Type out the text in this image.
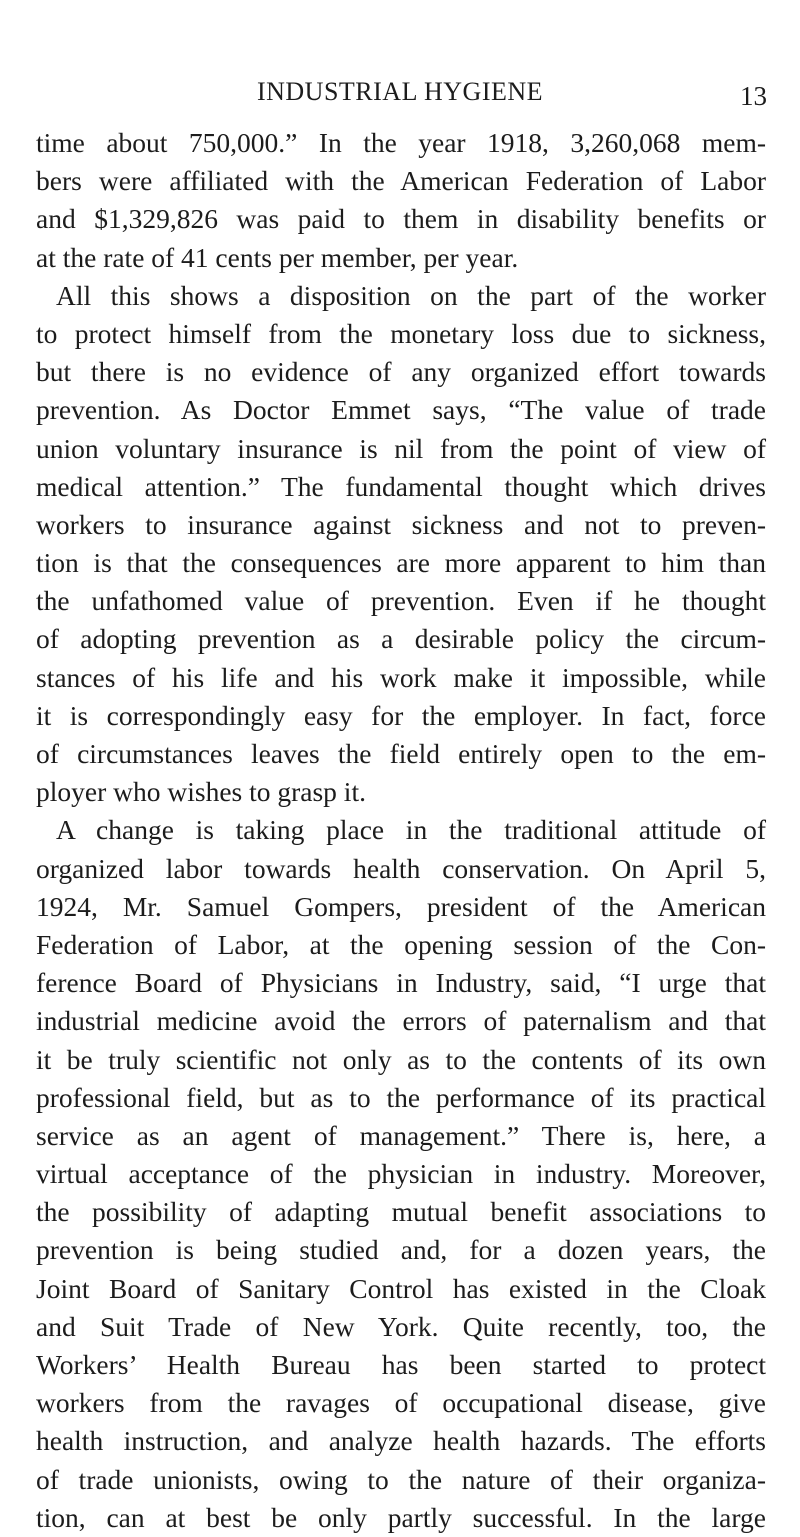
INDUSTRIAL HYGIENE	13
time about 750,000.” In the year 1918, 3,260,068 mem-
bers were affiliated with the American Federation of Labor
and $1,329,826 was paid to them in disability benefits or
at the rate of 41 cents per member, per year.
All this shows a disposition on the part of the worker
to protect himself from the monetary loss due to sickness,
but there is no evidence of any organized effort towards
prevention. As Doctor Emmet says, “The value of trade
union voluntary insurance is nil from the point of view of
medical attention.” The fundamental thought which drives
workers to insurance against sickness and not to preven-
tion is that the consequences are more apparent to him than
the unfathomed value of prevention. Even if he thought
of adopting prevention as a desirable policy the circum-
stances of his life and his work make it impossible, while
it is correspondingly easy for the employer. In fact, force
of circumstances leaves the field entirely open to the em-
ployer who wishes to grasp it.
A change is taking place in the traditional attitude of
organized labor towards health conservation. On April 5,
1924, Mr. Samuel Gompers, president of the American
Federation of Labor, at the opening session of the Con-
ference Board of Physicians in Industry, said, “I urge that
industrial medicine avoid the errors of paternalism and that
it be truly scientific not only as to the contents of its own
professional field, but as to the performance of its practical
service as an agent of management.” There is, here, a
virtual acceptance of the physician in industry. Moreover,
the possibility of adapting mutual benefit associations to
prevention is being studied and, for a dozen years, the
Joint Board of Sanitary Control has existed in the Cloak
and Suit Trade of New York. Quite recently, too, the
Workers’ Health Bureau has been started to protect
workers from the ravages of occupational disease, give
health instruction, and analyze health hazards. The efforts
of trade unionists, owing to the nature of their organiza-
tion, can at best be only partly successful. In the large
